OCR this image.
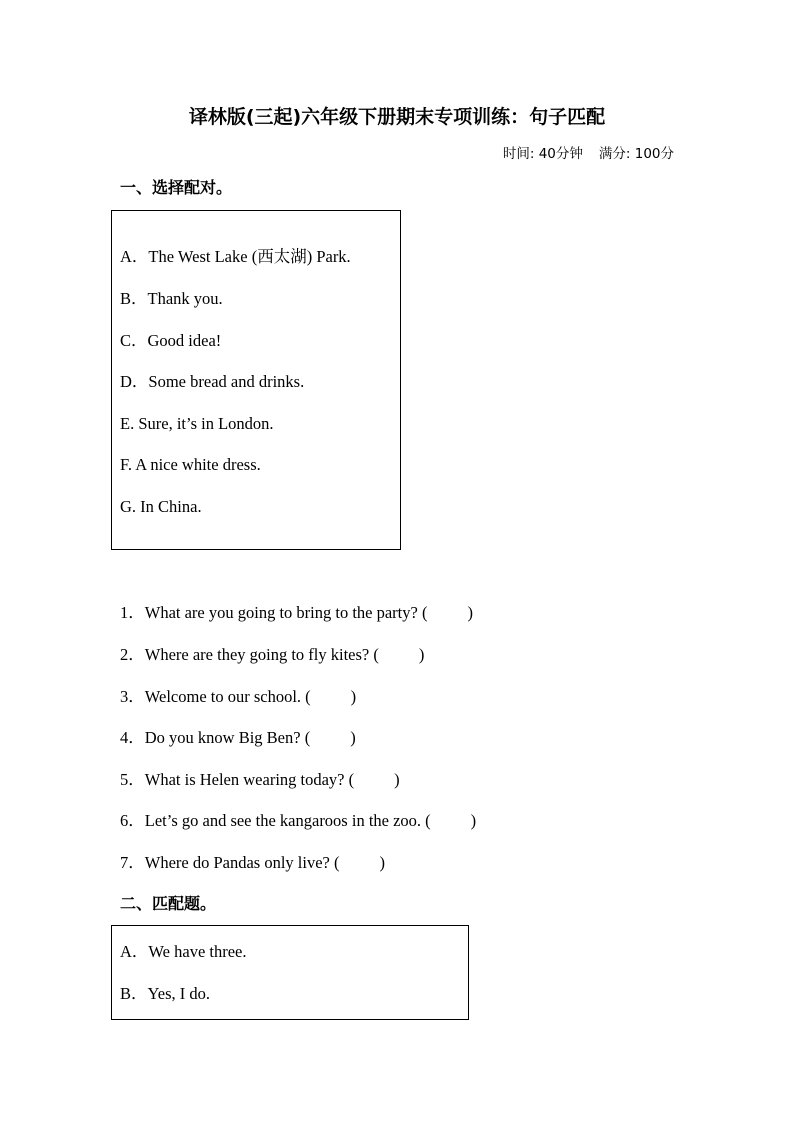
译林版(三起)六年级下册期末专项训练：句子匹配
时间: 40分钟 满分: 100分
一、选择配对。
A．The West Lake (西太湖) Park.
B．Thank you.
C．Good idea!
D．Some bread and drinks.
E. Sure, it’s in London.
F. A nice white dress.
G. In China.
1．What are you going to bring to the party? ( )
2．Where are they going to fly kites? ( )
3．Welcome to our school. ( )
4．Do you know Big Ben? ( )
5．What is Helen wearing today? ( )
6．Let’s go and see the kangaroos in the zoo. ( )
7．Where do Pandas only live? ( )
二、匹配题。
A．We have three.
B．Yes, I do.
